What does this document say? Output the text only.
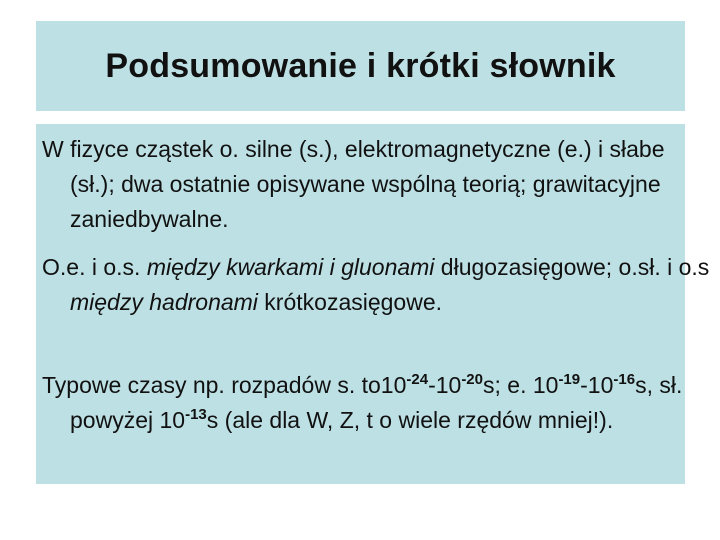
Podsumowanie i krótki słownik

W fizyce cząstek o. silne (s.), elektromagnetyczne (e.) i słabe (sł.); dwa ostatnie opisywane wspólną teorią; grawitacyjne zaniedbywalne.

O.e. i o.s. między kwarkami i gluonami długozasięgowe; o.sł. i o.s między hadronami krótkozasięgowe.

Typowe czasy np. rozpadów s. $to10^{-24}-10^{-20}s$; e. $10^{-19}-10^{-16}s$, sł. powyżej $10^{-13}s$ (ale dla W, Z, t o wiele rzędów mniej!).
